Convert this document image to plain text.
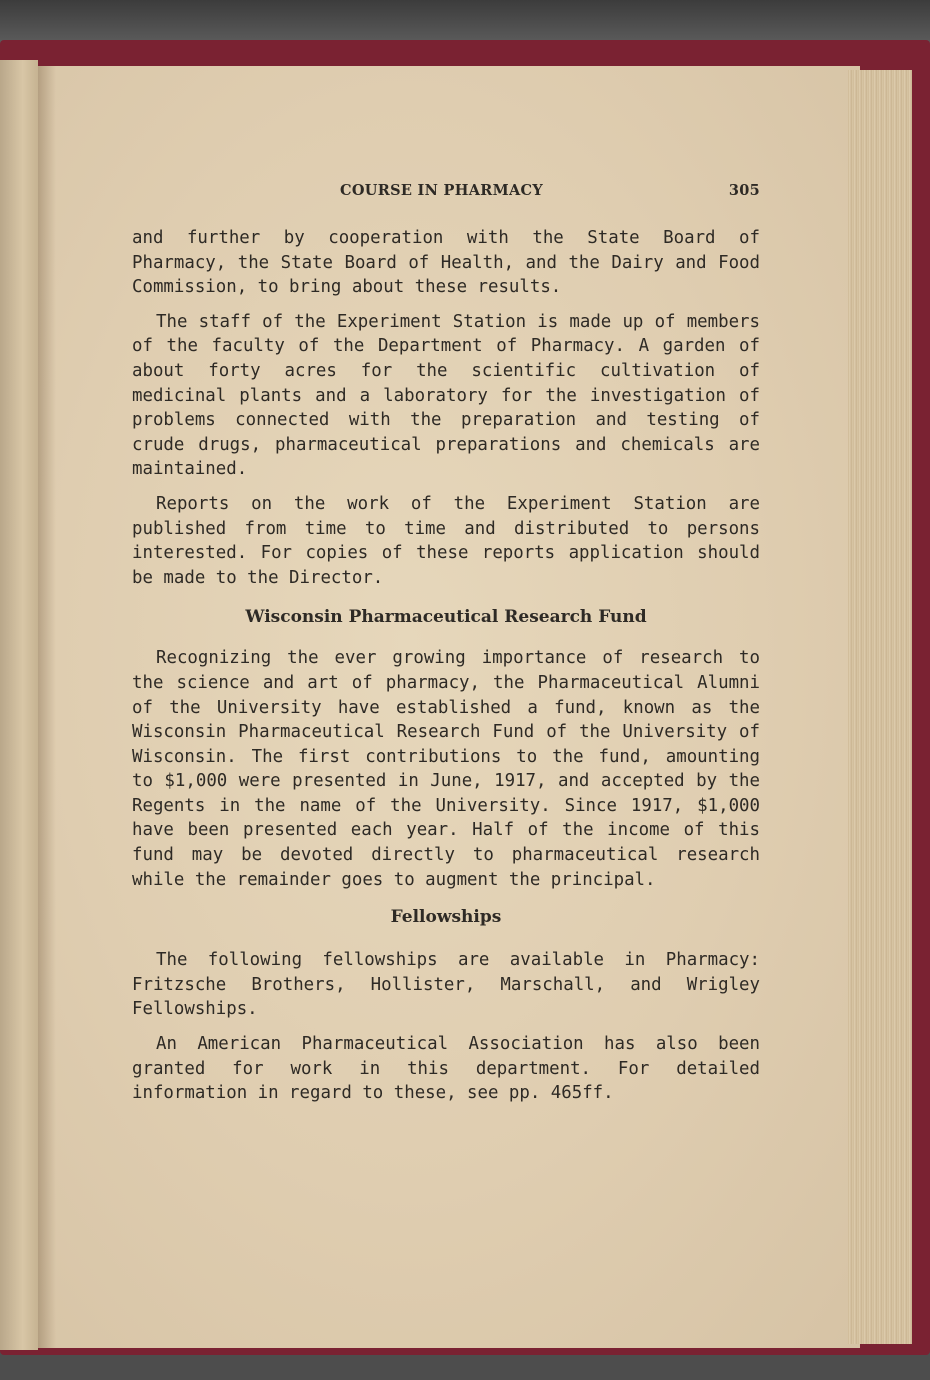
COURSE IN PHARMACY	305

and further by cooperation with the State Board of Pharmacy, the State Board of Health, and the Dairy and Food Commission, to bring about these results.

The staff of the Experiment Station is made up of members of the faculty of the Department of Pharmacy. A garden of about forty acres for the scientific cultivation of medicinal plants and a laboratory for the investigation of problems connected with the preparation and testing of crude drugs, pharmaceutical preparations and chemicals are maintained.

Reports on the work of the Experiment Station are published from time to time and distributed to persons interested. For copies of these reports application should be made to the Director.

Wisconsin Pharmaceutical Research Fund

Recognizing the ever growing importance of research to the science and art of pharmacy, the Pharmaceutical Alumni of the University have established a fund, known as the Wisconsin Pharmaceutical Research Fund of the University of Wisconsin. The first contributions to the fund, amounting to $1,000 were presented in June, 1917, and accepted by the Regents in the name of the University. Since 1917, $1,000 have been presented each year. Half of the income of this fund may be devoted directly to pharmaceutical research while the remainder goes to augment the principal.

Fellowships

The following fellowships are available in Pharmacy: Fritzsche Brothers, Hollister, Marschall, and Wrigley Fellowships.

An American Pharmaceutical Association has also been granted for work in this department. For detailed information in regard to these, see pp. 465ff.
